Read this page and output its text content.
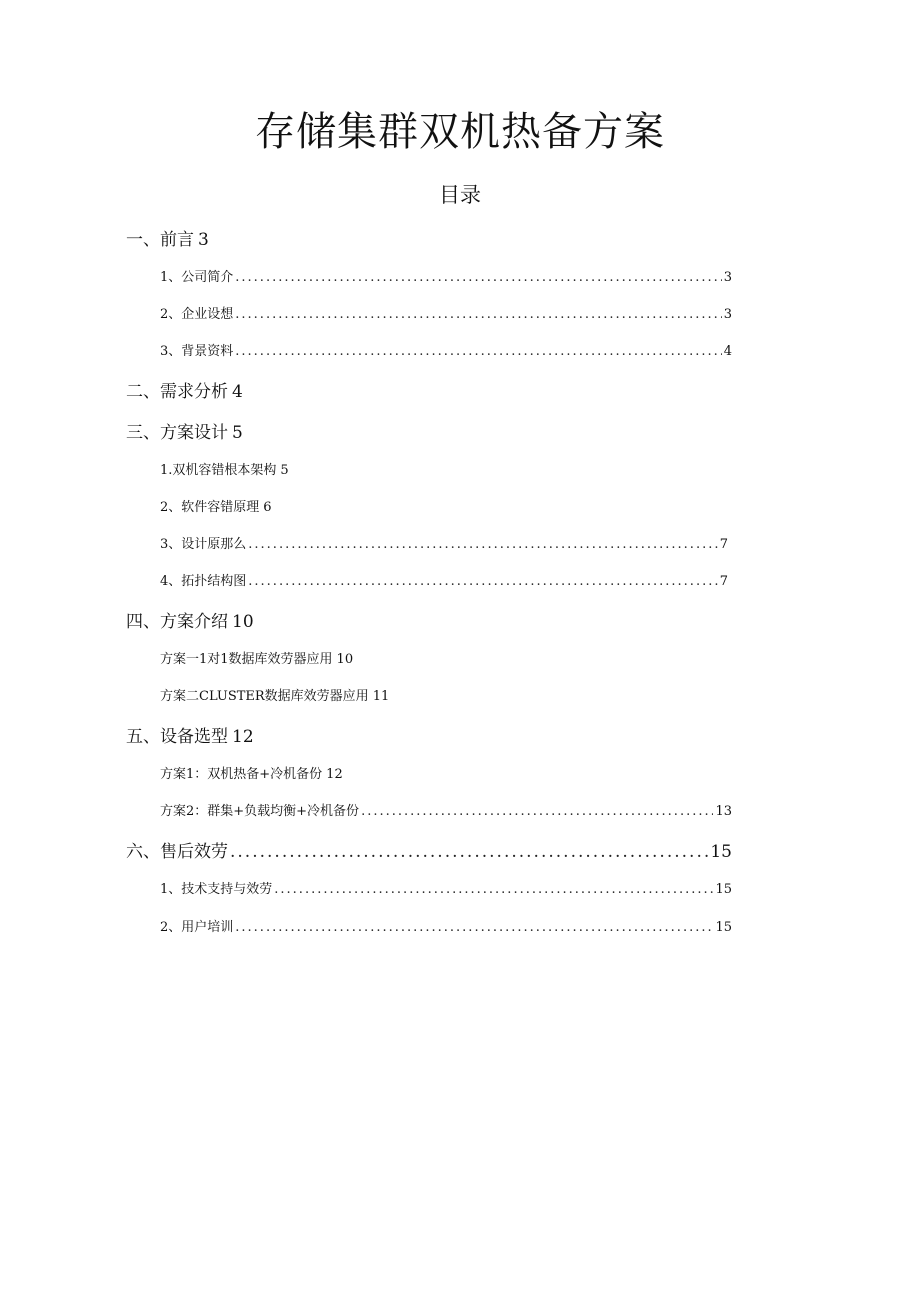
存储集群双机热备方案
目录
一、前言 3
1、公司简介 .....	3
2、企业设想 .....	3
3、背景资料 .....	4
二、需求分析 4
三、方案设计 5
1.双机容错根本架构 5
2、软件容错原理 6
3、设计原那么 .....	7
4、拓扑结构图 .....	7
四、方案介绍 10
方案一1对1数据库效劳器应用 10
方案二CLUSTER数据库效劳器应用 11
五、设备选型 12
方案1：双机热备+冷机备份 12
方案2：群集+负载均衡+冷机备份 .....	13
六、售后效劳 .....	15
1、技术支持与效劳 .....	15
2、用户培训 .....	15
